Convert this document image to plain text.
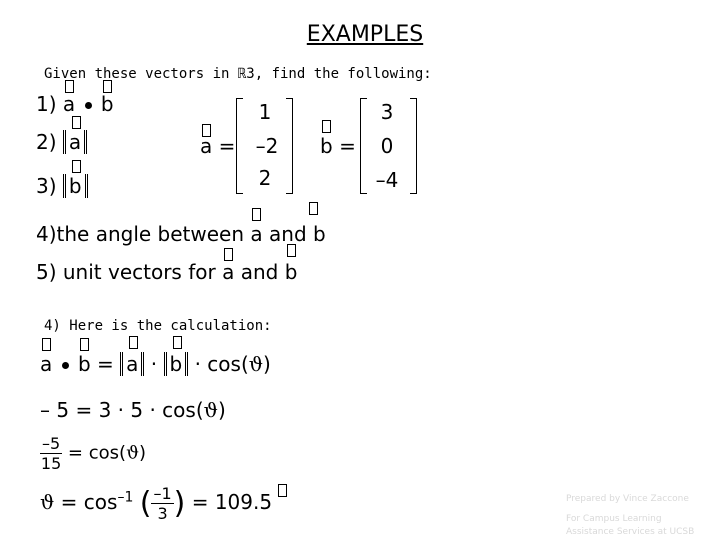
EXAMPLES
Given these vectors in ℝ3, find the following:
1) a b
2) a
3) b
4)the angle between a and b
5) unit vectors for a and b
a =
1
–2
2
b =
3
0
–4
4) Here is the calculation:
a b = a · b · cos(ϑ)
– 5 = 3 · 5 · cos(ϑ)
$\frac{-5}{15} = \cos(ϑ)$
$ϑ = \cos^{-1}$ ( $\frac{-1}{3}$ ) = 109.5	Prepared by Vince Zaccone
For Campus Learning
Assistance Services at UCSB
